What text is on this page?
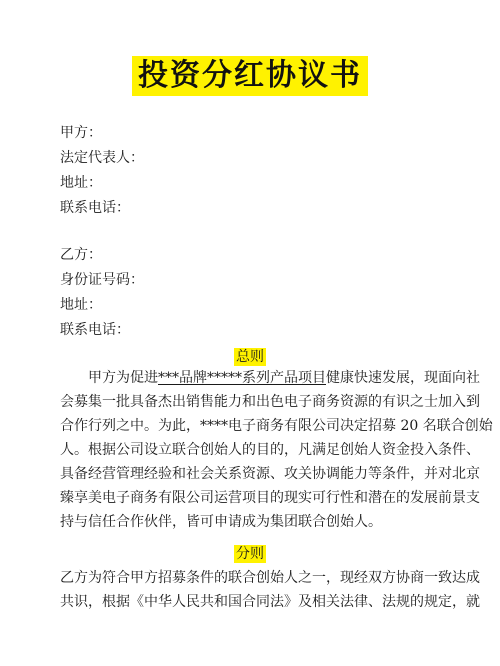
投资分红协议书
甲方：
法定代表人：
地址：
联系电话：
乙方：
身份证号码：
地址：
联系电话：
总则
甲方为促进***品牌*****系列产品项目健康快速发展，现面向社
会募集一批具备杰出销售能力和出色电子商务资源的有识之士加入到
合作行列之中。为此，****电子商务有限公司决定招募 20 名联合创始
人。根据公司设立联合创始人的目的，凡满足创始人资金投入条件、
具备经营管理经验和社会关系资源、攻关协调能力等条件，并对北京
臻享美电子商务有限公司运营项目的现实可行性和潜在的发展前景支
持与信任合作伙伴，皆可申请成为集团联合创始人。
分则
乙方为符合甲方招募条件的联合创始人之一，现经双方协商一致达成
共识，根据《中华人民共和国合同法》及相关法律、法规的规定，就
